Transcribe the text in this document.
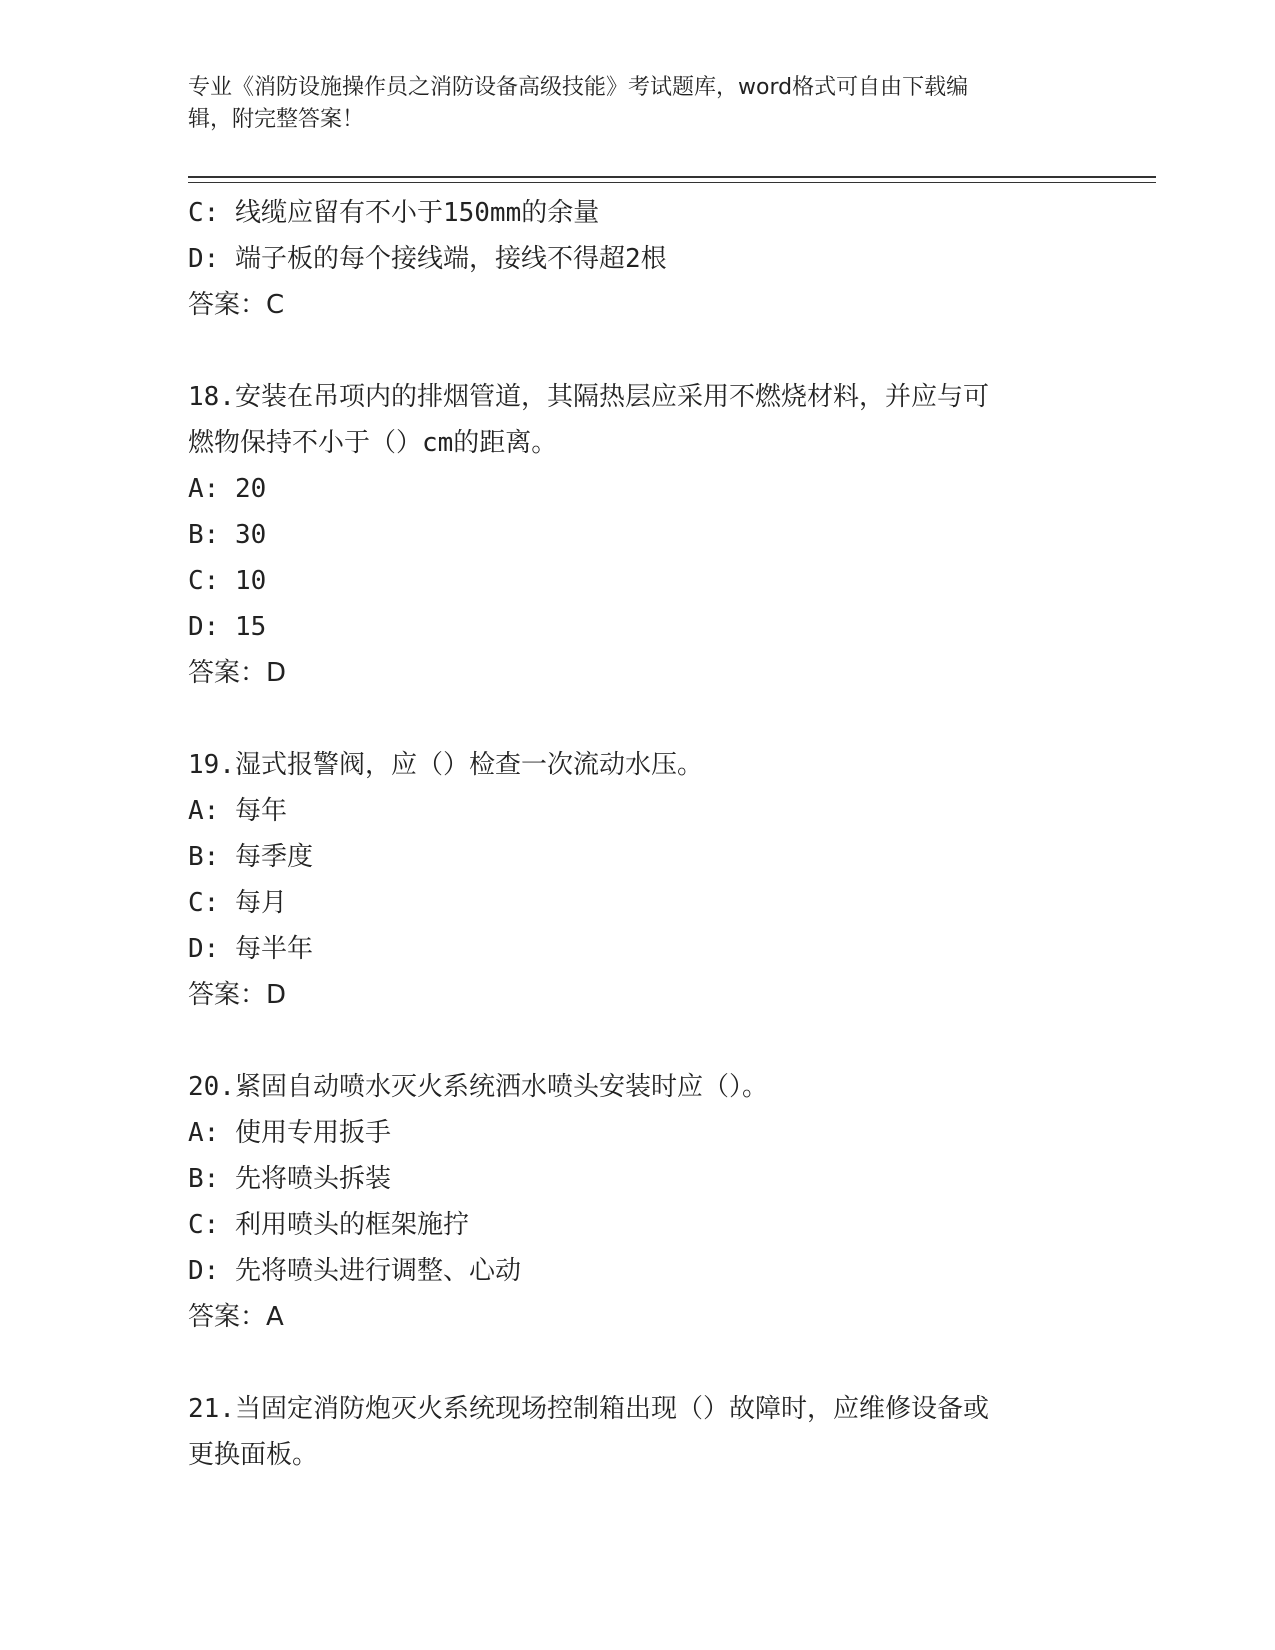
专业《消防设施操作员之消防设备高级技能》考试题库，word格式可自由下载编
辑，附完整答案！
C: 线缆应留有不小于150mm的余量
D: 端子板的每个接线端，接线不得超2根
答案：C
18.安装在吊项内的排烟管道，其隔热层应采用不燃烧材料，并应与可
燃物保持不小于（）cm的距离。
A: 20
B: 30
C: 10
D: 15
答案：D
19.湿式报警阀，应（）检查一次流动水压。
A: 每年
B: 每季度
C: 每月
D: 每半年
答案：D
20.紧固自动喷水灭火系统洒水喷头安装时应（）。
A: 使用专用扳手
B: 先将喷头拆装
C: 利用喷头的框架施拧
D: 先将喷头进行调整、心动
答案：A
21.当固定消防炮灭火系统现场控制箱出现（）故障时，应维修设备或
更换面板。
